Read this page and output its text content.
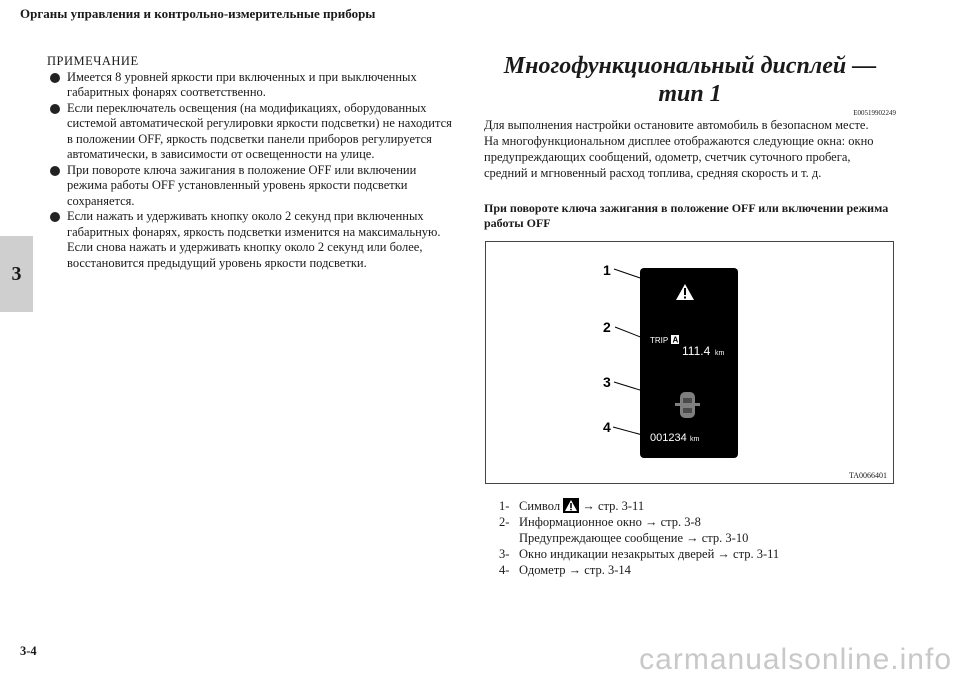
Органы управления и контрольно-измерительные приборы
3
ПРИМЕЧАНИЕ
Имеется 8 уровней яркости при включенных и при выключенных габаритных фонарях соответственно.
Если переключатель освещения (на модификациях, оборудованных системой автоматической регулировки яркости подсветки) не находится в положении OFF, яркость подсветки панели приборов регулируется автоматически, в зависимости от освещенности на улице.
При повороте ключа зажигания в положение OFF или включении режима работы OFF установленный уровень яркости подсветки сохраняется.
Если нажать и удерживать кнопку около 2 секунд при включенных габаритных фонарях, яркость подсветки изменится на максимальную. Если снова нажать и удерживать кнопку около 2 секунд или более, восстановится предыдущий уровень яркости подсветки.
Многофункциональный дисплей — тип 1
E00519902249

Для выполнения настройки остановите автомобиль в безопасном месте.

На многофункциональном дисплее отображаются следующие окна: окно предупреждающих сообщений, одометр, счетчик суточного пробега, средний и мгновенный расход топлива, средняя скорость и т. д.

При повороте ключа зажигания в положение OFF или включении режима работы OFF
1
2
3
4
TRIP A
111.4 km
001234 km
TA0066401
1- Символ → стр. 3-11
2- Информационное окно → стр. 3-8
Предупреждающее сообщение → стр. 3-10
3- Окно индикации незакрытых дверей → стр. 3-11
4- Одометр → стр. 3-14
3-4	carmanualsonline.info
